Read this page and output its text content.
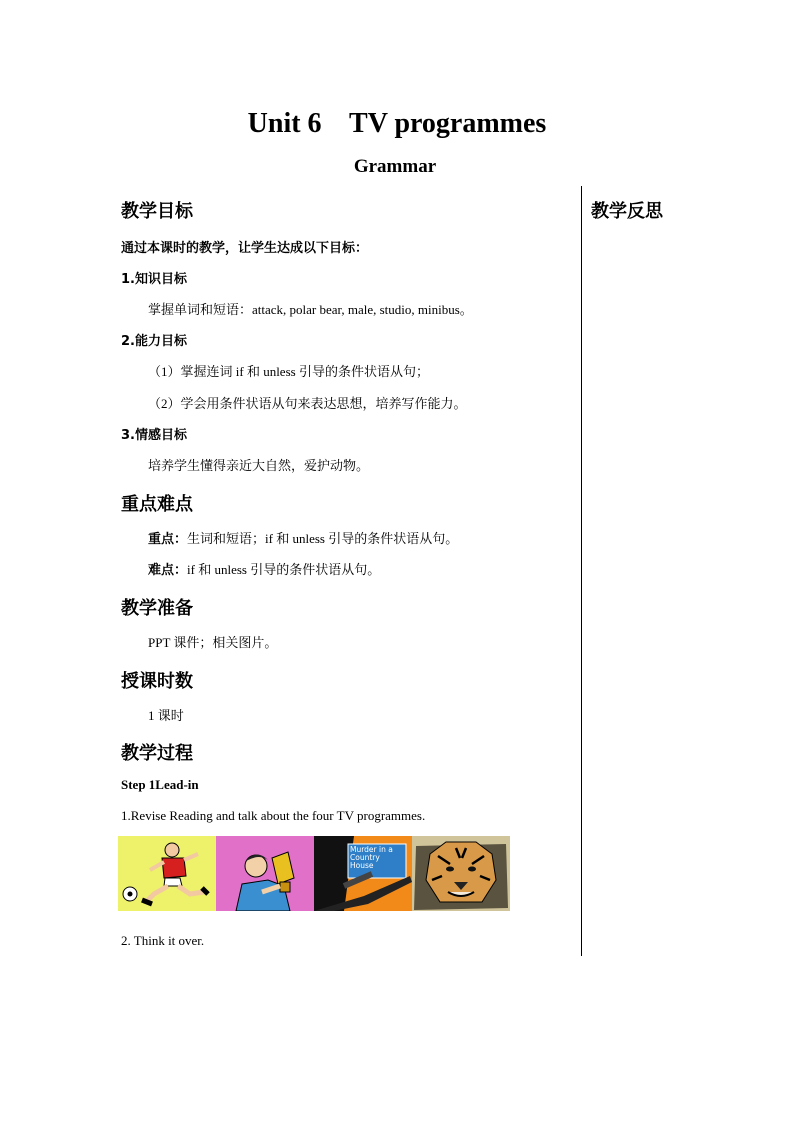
Unit 6    TV programmes
Grammar
教学反思
教学目标
通过本课时的教学，让学生达成以下目标：
1.知识目标
掌握单词和短语：attack, polar bear, male, studio, minibus。
2.能力目标
（1）掌握连词 if 和 unless 引导的条件状语从句；
（2）学会用条件状语从句来表达思想，培养写作能力。
3.情感目标
培养学生懂得亲近大自然，爱护动物。
重点难点
重点：生词和短语；if 和 unless 引导的条件状语从句。
难点：if 和 unless 引导的条件状语从句。
教学准备
PPT 课件；相关图片。
授课时数
1 课时
教学过程
Step 1Lead-in
1.Revise Reading and talk about the four TV programmes.
Murder in a Country House
2. Think it over.
